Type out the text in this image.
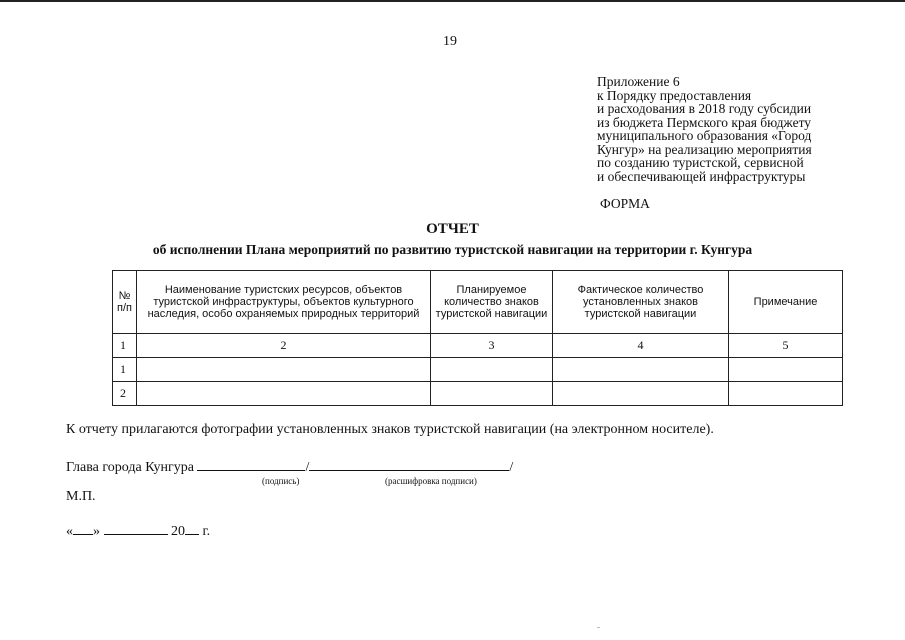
19
Приложение 6
к Порядку предоставления
и расходования в 2018 году субсидии
из бюджета Пермского края бюджету
муниципального образования «Город
Кунгур» на реализацию мероприятия
по созданию туристской, сервисной
и обеспечивающей инфраструктуры
ФОРМА
ОТЧЕТ
об исполнении Плана мероприятий по развитию туристской навигации на территории г. Кунгура
№ п/п	Наименование туристских ресурсов, объектов туристской инфраструктуры, объектов культурного наследия, особо охраняемых природных территорий	Планируемое количество знаков туристской навигации	Фактическое количество установленных знаков туристской навигации	Примечание
1	2	3	4	5
1				
2				
К отчету прилагаются фотографии установленных знаков туристской навигации (на электронном носителе).
Глава города Кунгура	/	/
(подпись)	(расшифровка подписи)
М.П.
« »	20 г.
